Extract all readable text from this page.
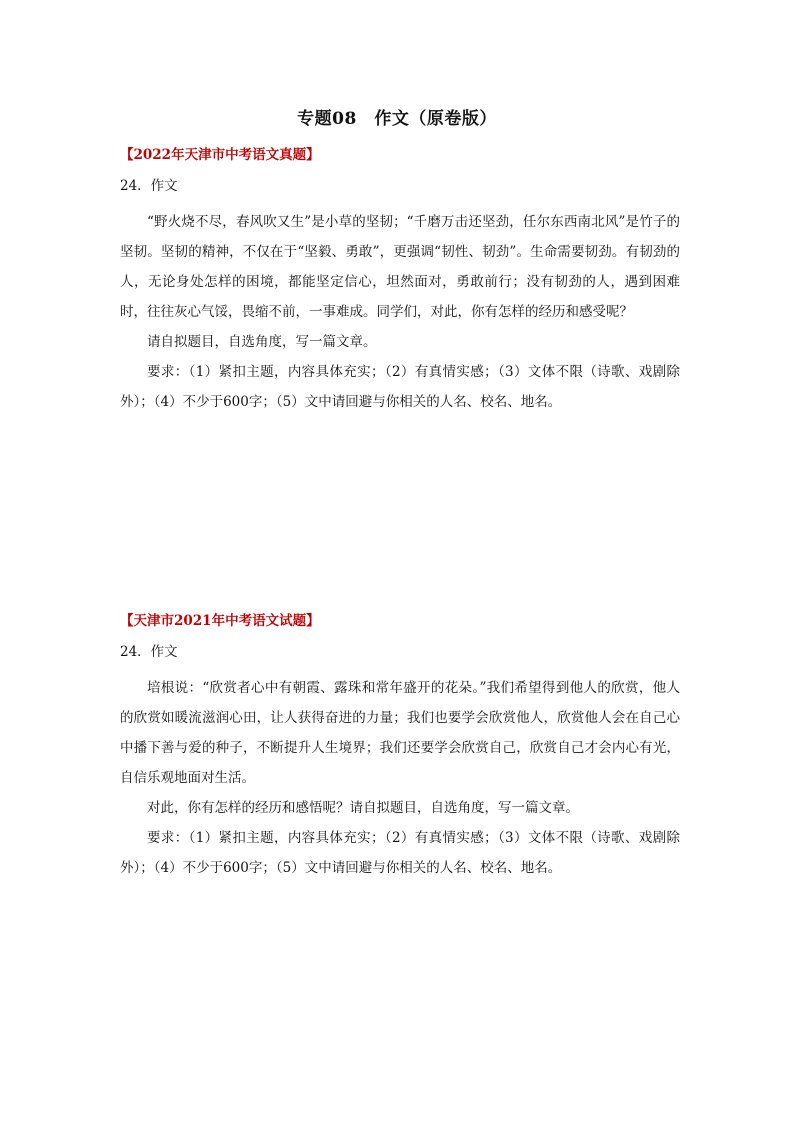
专题08　作文（原卷版）
【2022年天津市中考语文真题】
24．作文

“野火烧不尽，春风吹又生”是小草的坚韧；“千磨万击还坚劲，任尔东西南北风”是竹子的坚韧。坚韧的精神，不仅在于“坚毅、勇敢”，更强调“韧性、韧劲”。生命需要韧劲。有韧劲的人，无论身处怎样的困境，都能坚定信心，坦然面对，勇敢前行；没有韧劲的人，遇到困难时，往往灰心气馁，畏缩不前，一事难成。同学们，对此，你有怎样的经历和感受呢？

请自拟题目，自选角度，写一篇文章。

要求：（1）紧扣主题，内容具体充实；（2）有真情实感；（3）文体不限（诗歌、戏剧除外）；（4）不少于600字；（5）文中请回避与你相关的人名、校名、地名。

【天津市2021年中考语文试题】
24．作文

培根说：“欣赏者心中有朝霞、露珠和常年盛开的花朵。”我们希望得到他人的欣赏，他人的欣赏如暖流滋润心田，让人获得奋进的力量；我们也要学会欣赏他人，欣赏他人会在自己心中播下善与爱的种子，不断提升人生境界；我们还要学会欣赏自己，欣赏自己才会内心有光，自信乐观地面对生活。

对此，你有怎样的经历和感悟呢？请自拟题目，自选角度，写一篇文章。

要求：（1）紧扣主题，内容具体充实；（2）有真情实感；（3）文体不限（诗歌、戏剧除外）；（4）不少于600字；（5）文中请回避与你相关的人名、校名、地名。
